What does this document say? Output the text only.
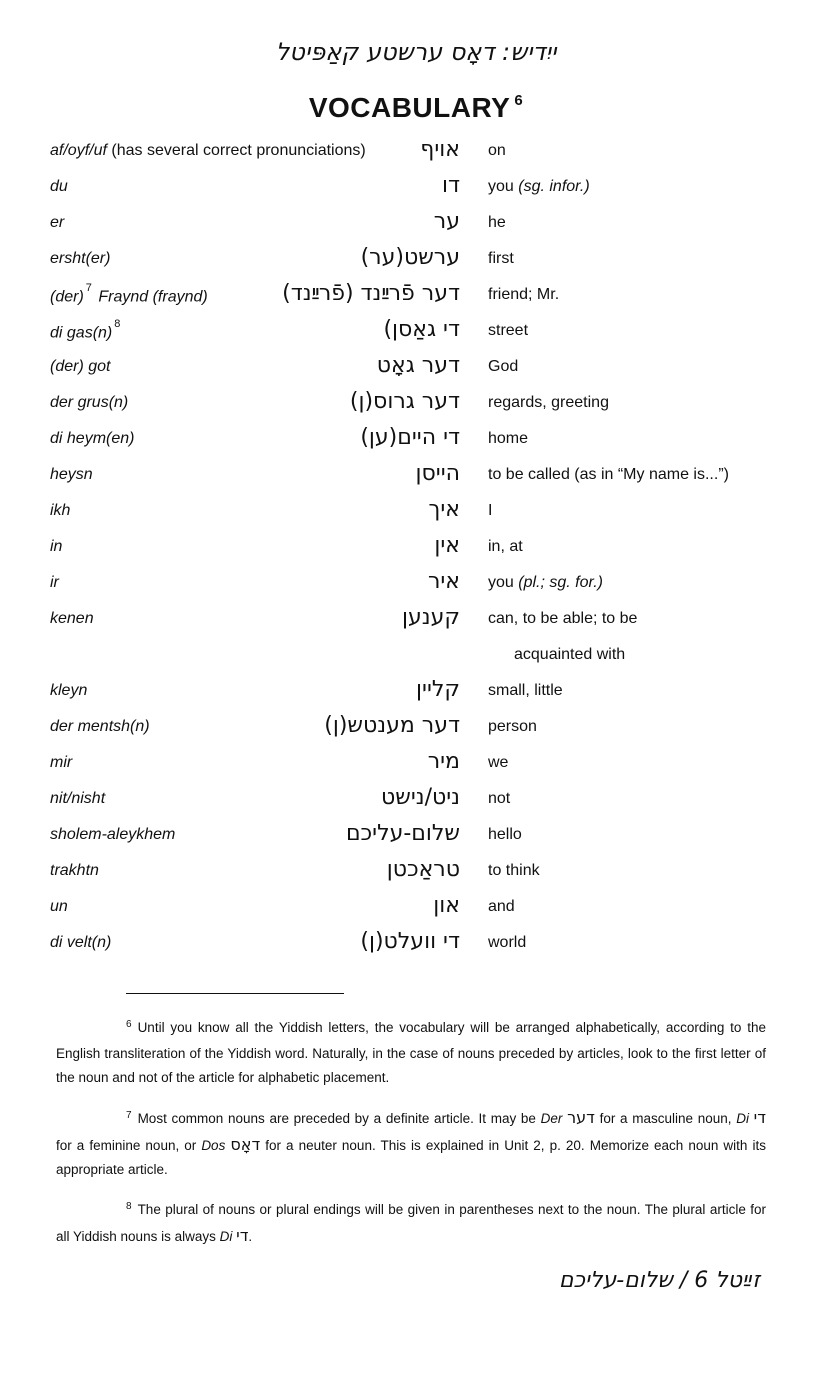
ייִדיש: דאָס ערשטע קאַפּיטל
VOCABULARY $^6$
af/oyf/uf (has several correct pronunciations) אויף on
du	דו you (sg. infor.)
er	ער he
ersht(er)	ערשט(ער) first
(der)$^7$ Fraynd (fraynd)	דער פֿרײַנד (פֿרײַנד) friend; Mr.
di $gas(n)^8$	די גאַסן) street
(der) got	דער גאָט God
der grus(n)	דער גרוס(ן) regards, greeting
di heym(en)	די היים(ען) home
heysn	הייסן to be called (as in “My name is...”)
ikh	איך I
in	אין in, at
ir	איר you (pl.; sg. for.)
kenen	קענען can, to be able; to be
acquainted with
kleyn	קליין small, little
der mentsh(n)	דער מענטש(ן) person
mir	מיר we
nit/nisht	ניט/נישט not
sholem-aleykhem	שלום-עליכם hello
trakhtn	טראַכטן to think
un	און and
di velt(n)	די וועלט(ן) world
$^6$ Until you know all the Yiddish letters, the vocabulary will be arranged alphabetically, according to the English transliteration of the Yiddish word. Naturally, in the case of nouns preceded by articles, look to the first letter of the noun and not of the article for alphabetic placement.
$^7$ Most common nouns are preceded by a definite article. It may be Der דער for a masculine noun, Di די for a feminine noun, or Dos דאָס for a neuter noun. This is explained in Unit 2, p. 20. Memorize each noun with its appropriate article.
$^8$ The plural of nouns or plural endings will be given in parentheses next to the noun. The plural article for all Yiddish nouns is always Di די.
זײַטל 6 / שלום-עליכם
